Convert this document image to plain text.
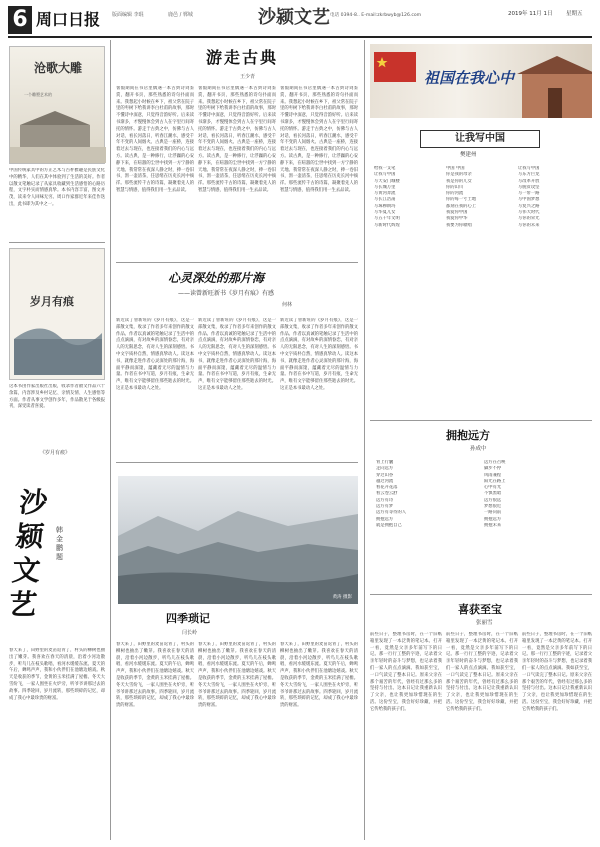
6 周口日报 版面编辑 李琨	鹿邑 / 郸城	沙颍文艺 电话 0394-8.. E-mail:zkrbwyb@126.com	2019年 11月 1日 星期五
沧歌大雕
一个雕塑艺术的
中国传统家具中的方正艺术与古朴雅趣是民族文化中的精华，人们在其中体验到了生活的美好。作者以散文笔触记录了从家具收藏到生活感悟的心路历程，文字朴实而情感真挚。本书内容丰富，图文并茂，读来令人回味无穷。周口作家群近年来佳作迭出，此书即为其中之一。
岁月有痕
这本书由作家出版社出版，收录作者散文作品六十余篇，内容涉及乡村记忆、亲情友情、人生感悟等方面。作者从事文学创作多年，作品散见于各级报刊，深受读者喜爱。
沙颍文艺
韩金鹏题
春天来了，田野里的麦苗返青了，村头的柳树也抽出了嫩芽。我喜欢在春天的清晨，沿着小河边散步，听鸟儿在枝头歌唱，看河水缓缓东流。夏天的午后，蝉鸣声声，我和小伙伴们在池塘边嬉戏。秋天是收获的季节，金黄的玉米挂满了屋檐。冬天大雪纷飞，一家人围坐在火炉旁，听爷爷讲那过去的故事。四季轮回，岁月流转，那些琐碎的记忆，却成了我心中最珍贵的财富。
游走古典
王少青
暑假期间在书店里偶遇一本古典诗词鉴赏，翻开书页，那些熟悉的诗句扑面而来。我想起小时候在乡下，祖父常在院子里的枣树下给我讲李白杜甫的故事，那时不懂诗中深意，只觉得音韵好听。后来读书渐多，才慢慢体会到古人在字里行间寄托的情怀。游走于古典之中，仿佛与古人对话，看长河落日，听春江潮水，感受千年不变的人间烟火。古典是一座桥，连接着过去与现在，也连接着我们的内心与远方。读古典，是一种修行，让浮躁的心安静下来，在喧嚣的尘世中找到一方宁静的天地。我常常在夜深人静之时，捧一卷旧书，沏一壶清茶，任思绪在历史长河中徜徉。那些流传千古的诗篇，凝聚着先人的智慧与情感，值得我们用一生去品读。
暑假期间在书店里偶遇一本古典诗词鉴赏，翻开书页，那些熟悉的诗句扑面而来。我想起小时候在乡下，祖父常在院子里的枣树下给我讲李白杜甫的故事，那时不懂诗中深意，只觉得音韵好听。后来读书渐多，才慢慢体会到古人在字里行间寄托的情怀。游走于古典之中，仿佛与古人对话，看长河落日，听春江潮水，感受千年不变的人间烟火。古典是一座桥，连接着过去与现在，也连接着我们的内心与远方。读古典，是一种修行，让浮躁的心安静下来，在喧嚣的尘世中找到一方宁静的天地。我常常在夜深人静之时，捧一卷旧书，沏一壶清茶，任思绪在历史长河中徜徉。那些流传千古的诗篇，凝聚着先人的智慧与情感，值得我们用一生去品读。
暑假期间在书店里偶遇一本古典诗词鉴赏，翻开书页，那些熟悉的诗句扑面而来。我想起小时候在乡下，祖父常在院子里的枣树下给我讲李白杜甫的故事，那时不懂诗中深意，只觉得音韵好听。后来读书渐多，才慢慢体会到古人在字里行间寄托的情怀。游走于古典之中，仿佛与古人对话，看长河落日，听春江潮水，感受千年不变的人间烟火。古典是一座桥，连接着过去与现在，也连接着我们的内心与远方。读古典，是一种修行，让浮躁的心安静下来，在喧嚣的尘世中找到一方宁静的天地。我常常在夜深人静之时，捧一卷旧书，沏一壶清茶，任思绪在历史长河中徜徉。那些流传千古的诗篇，凝聚着先人的智慧与情感，值得我们用一生去品读。
心灵深处的那片海
——读曾新旺新书《岁月有痕》有感
何林
新近读了曾新旺的《岁月有痕》，这是一部散文集，收录了作者多年来创作的散文作品。作者以真诚的笔触记录了生活中的点点滴滴，有对故乡的深情眷恋，有对亲人的无限思念，有对人生的深刻感悟。书中文字质朴自然，情感真挚动人。读这本书，就像走进作者心灵深处的那片海，海面平静而深邃，蕴藏着无尽的温情与力量。作者在书中写道，岁月有痕，生命无声，唯有文字能够留住那些逝去的时光。这正是本书最动人之处。
新近读了曾新旺的《岁月有痕》，这是一部散文集，收录了作者多年来创作的散文作品。作者以真诚的笔触记录了生活中的点点滴滴，有对故乡的深情眷恋，有对亲人的无限思念，有对人生的深刻感悟。书中文字质朴自然，情感真挚动人。读这本书，就像走进作者心灵深处的那片海，海面平静而深邃，蕴藏着无尽的温情与力量。作者在书中写道，岁月有痕，生命无声，唯有文字能够留住那些逝去的时光。这正是本书最动人之处。
新近读了曾新旺的《岁月有痕》，这是一部散文集，收录了作者多年来创作的散文作品。作者以真诚的笔触记录了生活中的点点滴滴，有对故乡的深情眷恋，有对亲人的无限思念，有对人生的深刻感悟。书中文字质朴自然，情感真挚动人。读这本书，就像走进作者心灵深处的那片海，海面平静而深邃，蕴藏着无尽的温情与力量。作者在书中写道，岁月有痕，生命无声，唯有文字能够留住那些逝去的时光。这正是本书最动人之处。
黄涛 摄影
四季琐记
闫长岭
春天来了，田野里的麦苗返青了，村头的柳树也抽出了嫩芽。我喜欢在春天的清晨，沿着小河边散步，听鸟儿在枝头歌唱，看河水缓缓东流。夏天的午后，蝉鸣声声，我和小伙伴们在池塘边嬉戏。秋天是收获的季节，金黄的玉米挂满了屋檐。冬天大雪纷飞，一家人围坐在火炉旁，听爷爷讲那过去的故事。四季轮回，岁月流转，那些琐碎的记忆，却成了我心中最珍贵的财富。
春天来了，田野里的麦苗返青了，村头的柳树也抽出了嫩芽。我喜欢在春天的清晨，沿着小河边散步，听鸟儿在枝头歌唱，看河水缓缓东流。夏天的午后，蝉鸣声声，我和小伙伴们在池塘边嬉戏。秋天是收获的季节，金黄的玉米挂满了屋檐。冬天大雪纷飞，一家人围坐在火炉旁，听爷爷讲那过去的故事。四季轮回，岁月流转，那些琐碎的记忆，却成了我心中最珍贵的财富。
春天来了，田野里的麦苗返青了，村头的柳树也抽出了嫩芽。我喜欢在春天的清晨，沿着小河边散步，听鸟儿在枝头歌唱，看河水缓缓东流。夏天的午后，蝉鸣声声，我和小伙伴们在池塘边嬉戏。秋天是收获的季节，金黄的玉米挂满了屋檐。冬天大雪纷飞，一家人围坐在火炉旁，听爷爷讲那过去的故事。四季轮回，岁月流转，那些琐碎的记忆，却成了我心中最珍贵的财富。
祖国在我心中
让我写中国
樊建州
给我一支笔
让我写中国
写天安门城楼
写长城万里
写黄河奔流
写长江浩荡
写珠穆朗玛
写华夏儿女
写五千年文明
写新时代辉煌
中国 中国
你是我的母亲
我是你的儿女
你的山川
你的河流
你的每一寸土地
都刻在我的心上
我爱你中国
我爱你中华
我要为你歌唱
让我写中国
写东方巨龙
写改革开放
写脱贫攻坚
写一带一路
写中国梦想
写复兴之路
写伟大时代
写你的荣光
写你的未来
拥抱远方
孙成中
背上行囊
走向远方
穿过山谷
越过河流
看花开花落
看云卷云舒
远方有诗
远方有梦
远方有等待的人
拥抱远方
就是拥抱自己
远方在召唤
脚步不停
风雨兼程
阳光在路上
心中有光
不惧黑暗
远方很远
梦想很近
一路向前
拥抱远方
拥抱未来
喜获至宝
张丽雪
前些日子，整理书房时，在一个旧纸箱里发现了一本泛黄的笔记本。打开一看，竟然是父亲多年前写下的日记。那一行行工整的字迹，记录着父亲年轻时的奋斗与梦想，也记录着我们一家人的点点滴滴。我如获至宝，一口气读完了整本日记。原来父亲在那个艰苦的年代，曾经有过那么多的坚持与付出。这本日记让我重新认识了父亲，也让我更加珍惜现在的生活。这份至宝，我会好好珍藏，并把它传给我的孩子们。
前些日子，整理书房时，在一个旧纸箱里发现了一本泛黄的笔记本。打开一看，竟然是父亲多年前写下的日记。那一行行工整的字迹，记录着父亲年轻时的奋斗与梦想，也记录着我们一家人的点点滴滴。我如获至宝，一口气读完了整本日记。原来父亲在那个艰苦的年代，曾经有过那么多的坚持与付出。这本日记让我重新认识了父亲，也让我更加珍惜现在的生活。这份至宝，我会好好珍藏，并把它传给我的孩子们。
前些日子，整理书房时，在一个旧纸箱里发现了一本泛黄的笔记本。打开一看，竟然是父亲多年前写下的日记。那一行行工整的字迹，记录着父亲年轻时的奋斗与梦想，也记录着我们一家人的点点滴滴。我如获至宝，一口气读完了整本日记。原来父亲在那个艰苦的年代，曾经有过那么多的坚持与付出。这本日记让我重新认识了父亲，也让我更加珍惜现在的生活。这份至宝，我会好好珍藏，并把它传给我的孩子们。
《岁月有痕》
